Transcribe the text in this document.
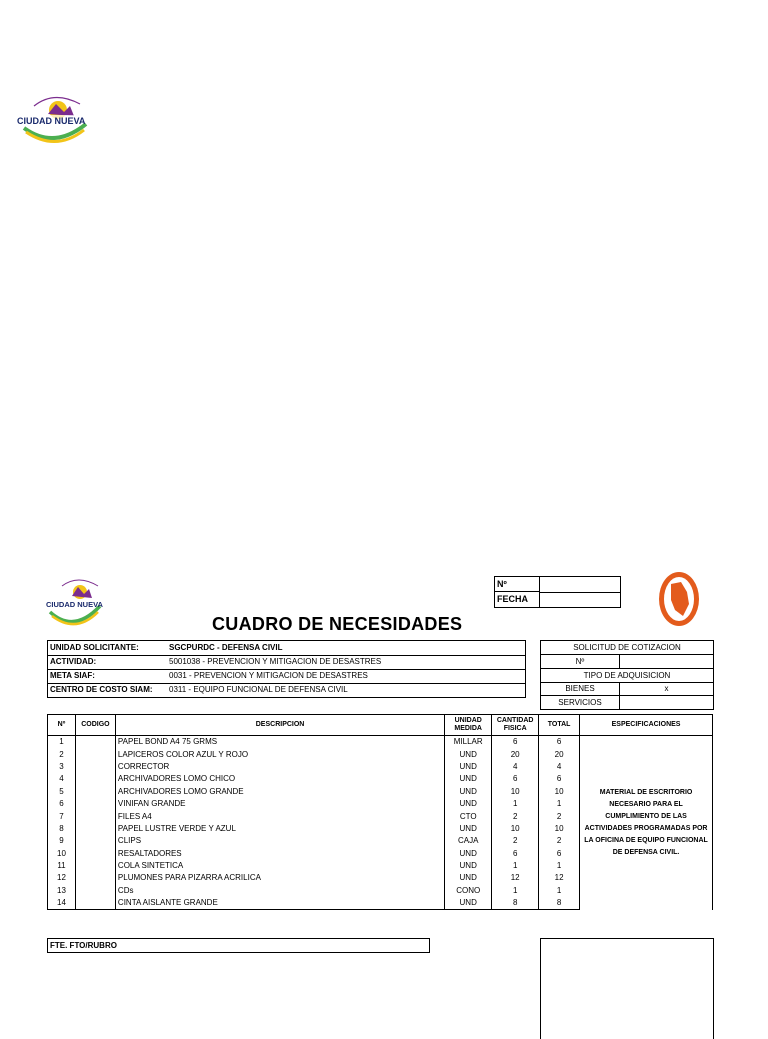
CIUDAD NUEVA
CIUDAD NUEVA
Nº
FECHA
CUADRO DE NECESIDADES
UNIDAD SOLICITANTE:	SGCPURDC - DEFENSA CIVIL
ACTIVIDAD:	5001038 - PREVENCION Y MITIGACION DE DESASTRES
META SIAF:	0031 - PREVENCION Y MITIGACION DE DESASTRES
CENTRO DE COSTO SIAM: 0311 - EQUIPO FUNCIONAL DE DEFENSA CIVIL
SOLICITUD DE COTIZACION
Nº
TIPO DE ADQUISICION
BIENES	x
SERVICIOS
Nº	CODIGO	DESCRIPCION	UNIDAD MEDIDA	CANTIDAD FISICA	TOTAL	ESPECIFICACIONES
1		PAPEL BOND A4 75 GRMS	MILLAR	6	6	MATERIAL DE ESCRITORIO NECESARIO PARA EL CUMPLIMIENTO DE LAS ACTIVIDADES PROGRAMADAS POR LA OFICINA DE EQUIPO FUNCIONAL DE DEFENSA CIVIL.
2		LAPICEROS COLOR AZUL Y ROJO	UND	20	20	
3		CORRECTOR	UND	4	4	
4		ARCHIVADORES LOMO CHICO	UND	6	6	
5		ARCHIVADORES LOMO GRANDE	UND	10	10	
6		VINIFAN GRANDE	UND	1	1	
7		FILES A4	CTO	2	2	
8		PAPEL LUSTRE VERDE Y AZUL	UND	10	10	
9		CLIPS	CAJA	2	2	
10		RESALTADORES	UND	6	6	
11		COLA SINTETICA	UND	1	1	
12		PLUMONES PARA PIZARRA ACRILICA	UND	12	12	
13		CDs	CONO	1	1	
14		CINTA AISLANTE GRANDE	UND	8	8	
FTE. FTO/RUBRO
